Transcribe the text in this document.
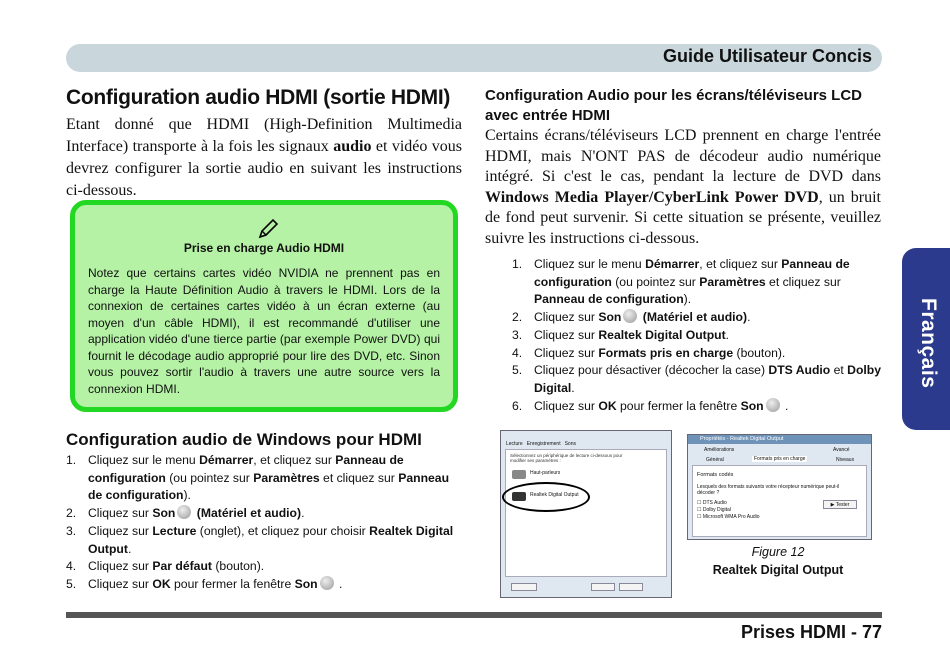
Guide Utilisateur Concis
Français
Configuration audio HDMI (sortie HDMI)

Etant donné que HDMI (High-Definition Multimedia Interface) transporte à la fois les signaux audio et vidéo vous devrez configurer la sortie audio en suivant les instructions ci-dessous.

Prise en charge Audio HDMI
Notez que certains cartes vidéo NVIDIA ne prennent pas en charge la Haute Définition Audio à travers le HDMI. Lors de la connexion de certaines cartes vidéo à un écran externe (au moyen d'un câble HDMI), il est recommandé d'utiliser une application vidéo d'une tierce partie (par exemple Power DVD) qui fournit le décodage audio approprié pour lire des DVD, etc. Sinon vous pouvez sortir l'audio à travers une autre source vers la connexion HDMI.
Configuration audio de Windows pour HDMI
1. Cliquez sur le menu Démarrer, et cliquez sur Panneau de configuration (ou pointez sur Paramètres et cliquez sur Panneau de configuration).
2. Cliquez sur Son (Matériel et audio).
3. Cliquez sur Lecture (onglet), et cliquez pour choisir Realtek Digital Output.
4. Cliquez sur Par défaut (bouton).
5. Cliquez sur OK pour fermer la fenêtre Son .
Configuration Audio pour les écrans/téléviseurs LCD avec entrée HDMI

Certains écrans/téléviseurs LCD prennent en charge l'entrée HDMI, mais N'ONT PAS de décodeur audio numérique intégré. Si c'est le cas, pendant la lecture de DVD dans Windows Media Player/CyberLink Power DVD, un bruit de fond peut survenir. Si cette situation se présente, veuillez suivre les instructions ci-dessous.

1. Cliquez sur le menu Démarrer, et cliquez sur Panneau de configuration (ou pointez sur Paramètres et cliquez sur Panneau de configuration).
2. Cliquez sur Son (Matériel et audio).
3. Cliquez sur Realtek Digital Output.
4. Cliquez sur Formats pris en charge (bouton).
5. Cliquez pour désactiver (décocher la case) DTS Audio et Dolby Digital.
6. Cliquez sur OK pour fermer la fenêtre Son .
Lecture Enregistrement Sons
Sélectionnez un périphérique de lecture ci-dessous pour modifier ses paramètres :
Haut-parleurs
Realtek Digital Output
Propriétés - Realtek Digital Output
Améliorations	Avancé
Général	Formats pris en charge	Niveaux
Formats codés
Lesquels des formats suivants votre récepteur numérique peut-il décoder ?
☐ DTS Audio
☐ Dolby Digital
☐ Microsoft WMA Pro Audio
▶ Tester
Figure 12
Realtek Digital Output
Prises HDMI - 77
